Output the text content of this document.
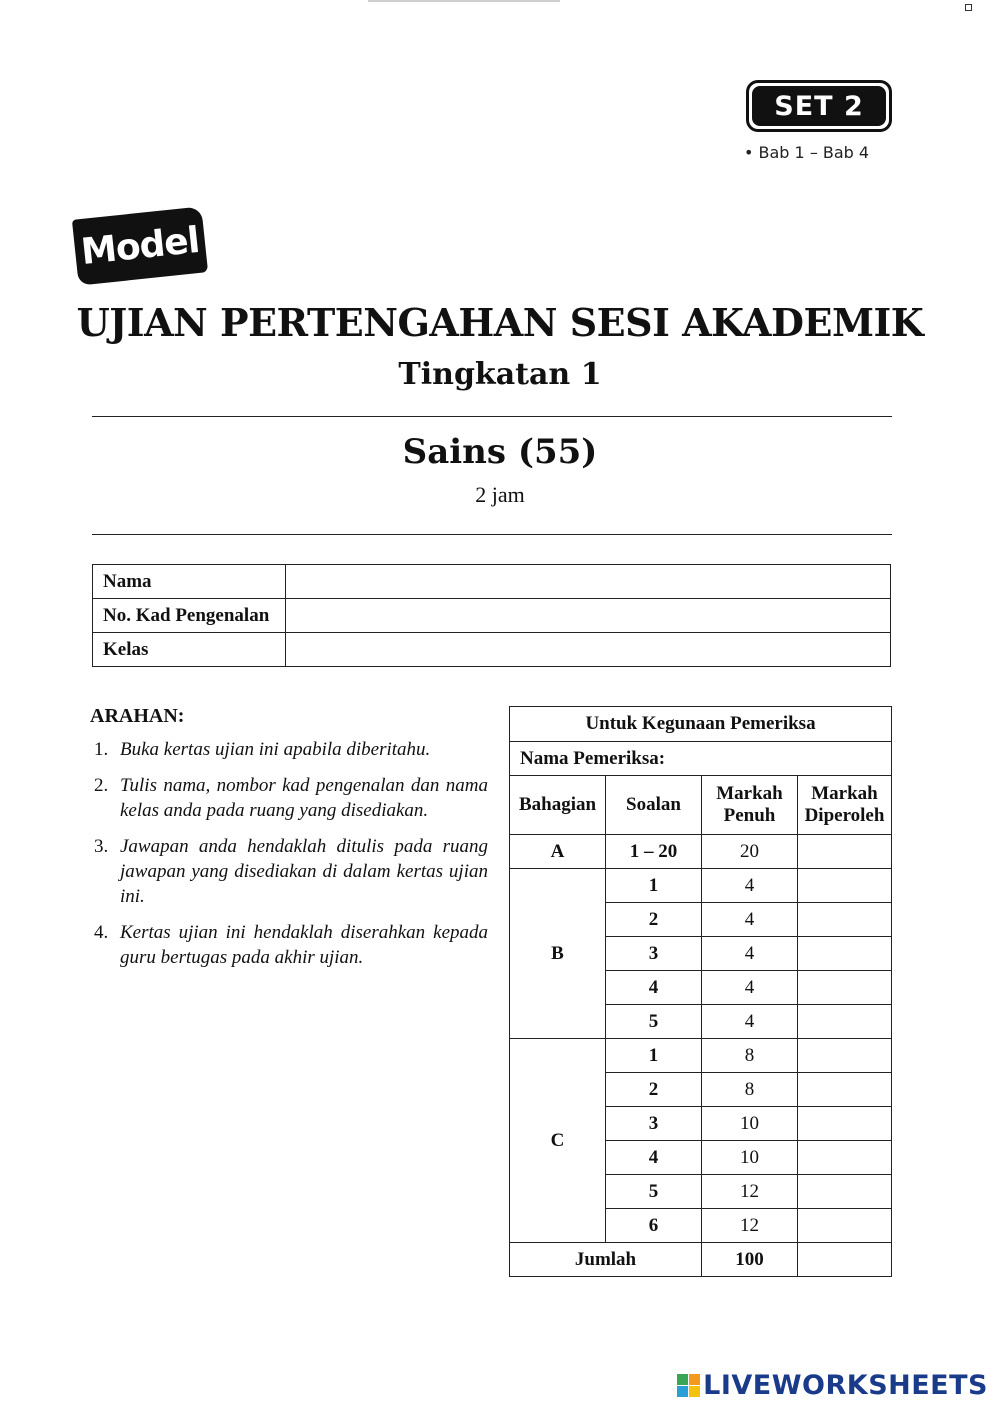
SET 2
• Bab 1 – Bab 4
Model
UJIAN PERTENGAHAN SESI AKADEMIK
Tingkatan 1
Sains (55)
2 jam
Nama	
No. Kad Pengenalan	
Kelas	
ARAHAN:
1. Buka kertas ujian ini apabila diberitahu.
2. Tulis nama, nombor kad pengenalan dan nama kelas anda pada ruang yang disediakan.
3. Jawapan anda hendaklah ditulis pada ruang jawapan yang disediakan di dalam kertas ujian ini.
4. Kertas ujian ini hendaklah diserahkan kepada guru bertugas pada akhir ujian.
Untuk Kegunaan Pemeriksa			
Nama Pemeriksa:			
Bahagian	Soalan	Markah Penuh	Markah Diperoleh
A	1 – 20	20	
B	1	4	
	2	4	
	3	4	
	4	4	
	5	4	
C	1	8	
	2	8	
	3	10	
	4	10	
	5	12	
	6	12	
Jumlah		100	
LIVEWORKSHEETS
